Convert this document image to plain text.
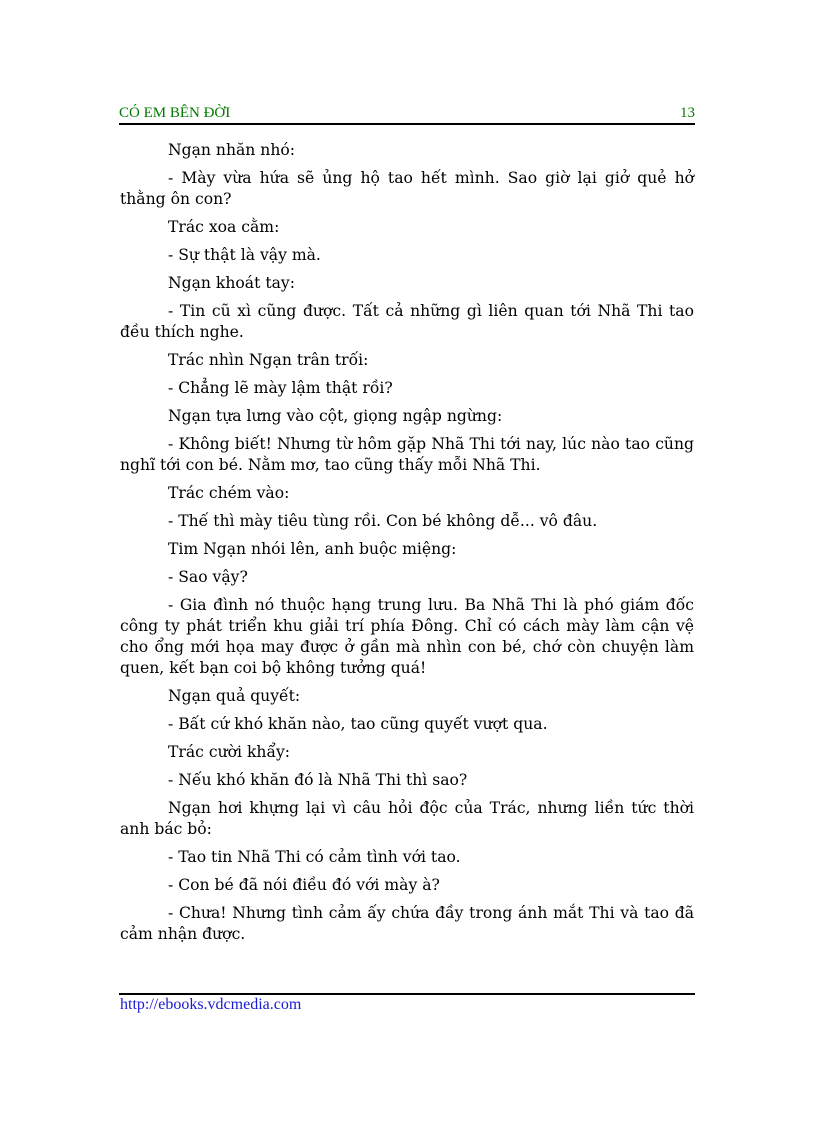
CÓ EM BÊN ĐỜI	13

Ngạn nhăn nhó:

- Mày vừa hứa sẽ ủng hộ tao hết mình. Sao giờ lại giở quẻ hở thằng ôn con?

Trác xoa cằm:

- Sự thật là vậy mà.

Ngạn khoát tay:

- Tin cũ xì cũng được. Tất cả những gì liên quan tới Nhã Thi tao đều thích nghe.

Trác nhìn Ngạn trân trối:

- Chẳng lẽ mày lậm thật rồi?

Ngạn tựa lưng vào cột, giọng ngập ngừng:

- Không biết! Nhưng từ hôm gặp Nhã Thi tới nay, lúc nào tao cũng nghĩ tới con bé. Nằm mơ, tao cũng thấy mỗi Nhã Thi.

Trác chém vào:

- Thế thì mày tiêu tùng rồi. Con bé không dễ... vô đâu.

Tim Ngạn nhói lên, anh buộc miệng:

- Sao vậy?

- Gia đình nó thuộc hạng trung lưu. Ba Nhã Thi là phó giám đốc công ty phát triển khu giải trí phía Đông. Chỉ có cách mày làm cận vệ cho ổng mới họa may được ở gần mà nhìn con bé, chớ còn chuyện làm quen, kết bạn coi bộ không tưởng quá!

Ngạn quả quyết:

- Bất cứ khó khăn nào, tao cũng quyết vượt qua.

Trác cười khẩy:

- Nếu khó khăn đó là Nhã Thi thì sao?

Ngạn hơi khựng lại vì câu hỏi độc của Trác, nhưng liền tức thời anh bác bỏ:

- Tao tin Nhã Thi có cảm tình với tao.

- Con bé đã nói điều đó với mày à?

- Chưa! Nhưng tình cảm ấy chứa đầy trong ánh mắt Thi và tao đã cảm nhận được.

http://ebooks.vdcmedia.com
